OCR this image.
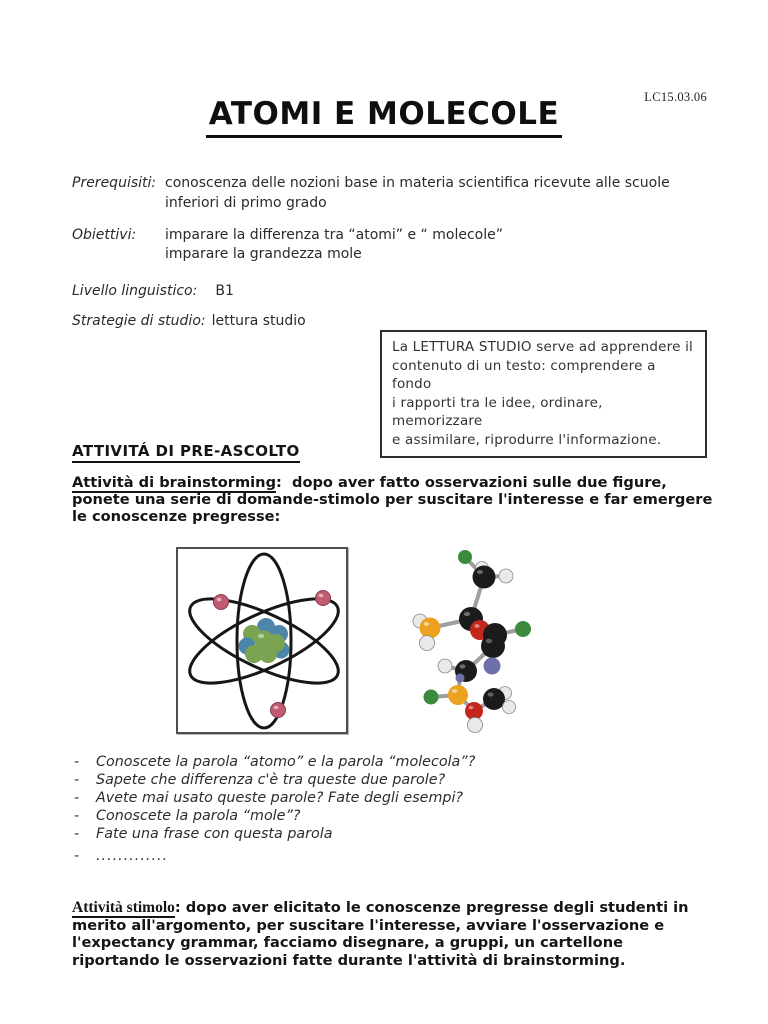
LC15.03.06
ATOMI E MOLECOLE
Prerequisiti: conoscenza delle nozioni base in materia scientifica ricevute alle scuole
inferiori di primo grado
Obiettivi:	imparare la differenza tra “atomi” e “ molecole”
imparare la grandezza mole
Livello linguistico: B1
Strategie di studio: lettura studio
La LETTURA STUDIO serve ad apprendere il
contenuto di un testo: comprendere a fondo
i rapporti tra le idee, ordinare, memorizzare
e assimilare, riprodurre l'informazione.
ATTIVITÁ DI PRE-ASCOLTO
Attività di brainstorming:  dopo aver fatto osservazioni sulle due figure,
ponete una serie di domande-stimolo per suscitare l'interesse e far emergere
le conoscenze pregresse:
-	Conoscete la parola “atomo” e la parola “molecola”?
-	Sapete che differenza c'è tra queste due parole?
-	Avete mai usato queste parole? Fate degli esempi?
-	Conoscete la parola “mole”?
-	Fate una frase con questa parola
-	.............
Attività stimolo: dopo aver elicitato le conoscenze pregresse degli studenti in
merito all'argomento, per suscitare l'interesse, avviare l'osservazione e
l'expectancy grammar, facciamo disegnare, a gruppi, un cartellone
riportando le osservazioni fatte durante l'attività di brainstorming.
